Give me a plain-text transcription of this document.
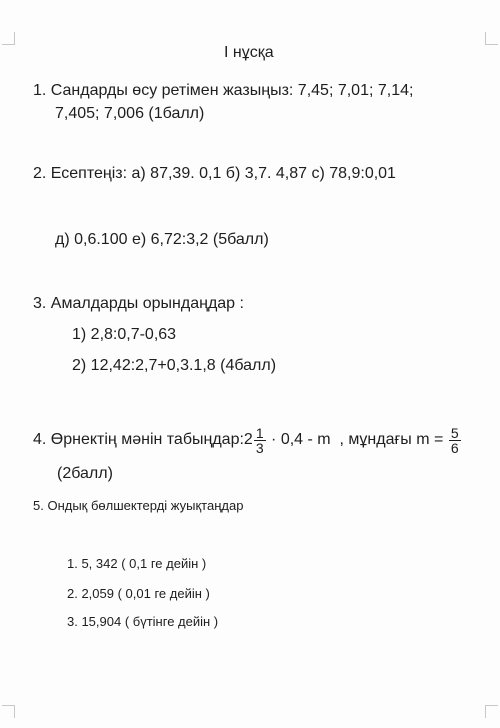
I нұсқа
1. Сандарды өсу ретімен жазыңыз: 7,45; 7,01; 7,14;
7,405; 7,006 (1балл)
2. Есептеңіз: а) 87,39. 0,1 б) 3,7. 4,87 с) 78,9:0,01
д) 0,6.100 е) 6,72:3,2 (5балл)
3. Амалдарды орындаңдар :
1) 2,8:0,7-0,63
2) 12,42:2,7+0,3.1,8 (4балл)
4. Өрнектің мәнін табыңдар: $2 \frac{1}{3} \cdot 0,4 - m$  , мұндағы $m = \frac{5}{6}$
(2балл)
5. Ондық бөлшектерді жуықтаңдар
1. 5, 342 ( 0,1 ге дейін )
2. 2,059 ( 0,01 ге дейін )
3. 15,904 ( бүтінге дейін )
